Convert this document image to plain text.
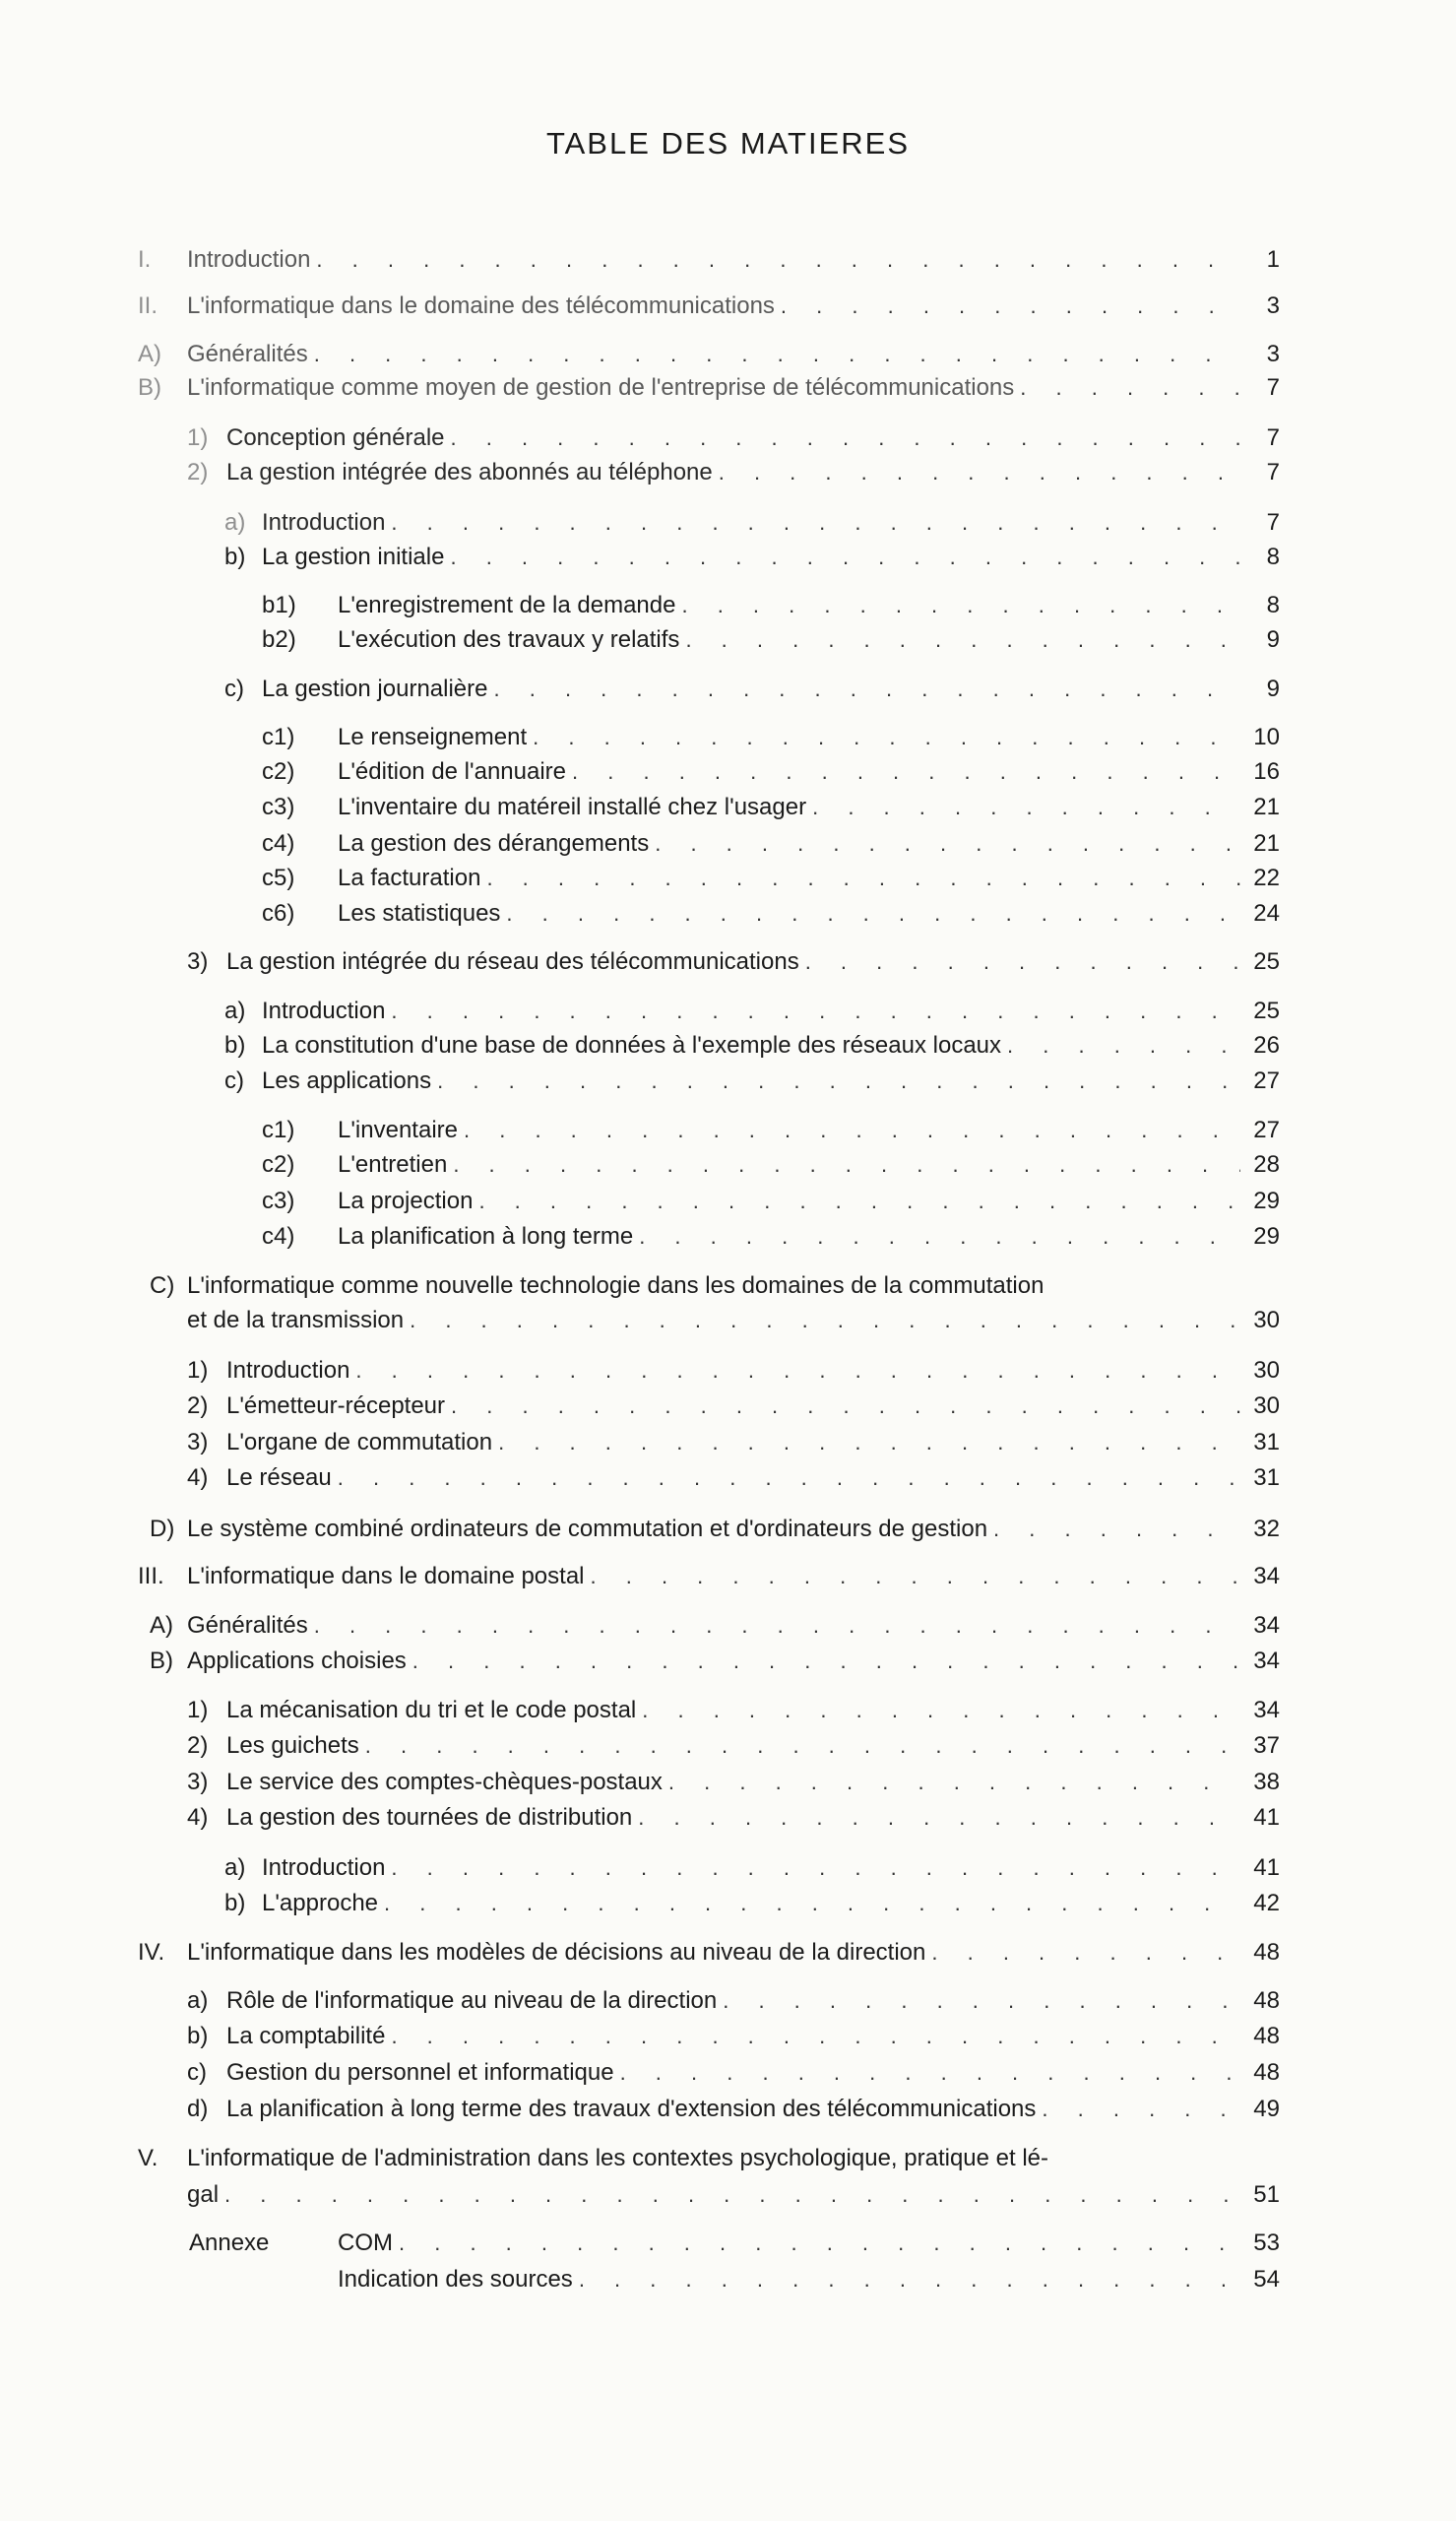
TABLE DES MATIERES
I. Introduction . . .	1
II. L'informatique dans le domaine des télécommunications . . .	3
A) Généralités . . .	3
B) L'informatique comme moyen de gestion de l'entreprise de télécommunications . . .	7
1) Conception générale . . .	7
2) La gestion intégrée des abonnés au téléphone . . .	7
a) Introduction . . .	7
b) La gestion initiale . . .	8
b1) L'enregistrement de la demande . . .	8
b2) L'exécution des travaux y relatifs . . .	9
c) La gestion journalière . . .	9
c1) Le renseignement . . .	10
c2) L'édition de l'annuaire . . .	16
c3) L'inventaire du matéreil installé chez l'usager . . .	21
c4) La gestion des dérangements . . .	21
c5) La facturation . . .	22
c6) Les statistiques . . .	24
3) La gestion intégrée du réseau des télécommunications . . .	25
a) Introduction . . .	25
b) La constitution d'une base de données à l'exemple des réseaux locaux . . .	26
c) Les applications . . .	27
c1) L'inventaire . . .	27
c2) L'entretien . . .	28
c3) La projection . . .	29
c4) La planification à long terme . . .	29
C) L'informatique comme nouvelle technologie dans les domaines de la commutation
et de la transmission . . .	30
1) Introduction . . .	30
2) L'émetteur-récepteur . . .	30
3) L'organe de commutation . . .	31
4) Le réseau . . .	31
D) Le système combiné ordinateurs de commutation et d'ordinateurs de gestion . . .	32
III. L'informatique dans le domaine postal . . .	34
A) Généralités . . .	34
B) Applications choisies . . .	34
1) La mécanisation du tri et le code postal . . .	34
2) Les guichets . . .	37
3) Le service des comptes-chèques-postaux . . .	38
4) La gestion des tournées de distribution . . .	41
a) Introduction . . .	41
b) L'approche . . .	42
IV. L'informatique dans les modèles de décisions au niveau de la direction . . .	48
a) Rôle de l'informatique au niveau de la direction . . .	48
b) La comptabilité . . .	48
c) Gestion du personnel et informatique . . .	48
d) La planification à long terme des travaux d'extension des télécommunications . . .	49
V. L'informatique de l'administration dans les contextes psychologique, pratique et lé-
gal . . .	51
Annexe	COM . . .	53
Indication des sources . . .	54
